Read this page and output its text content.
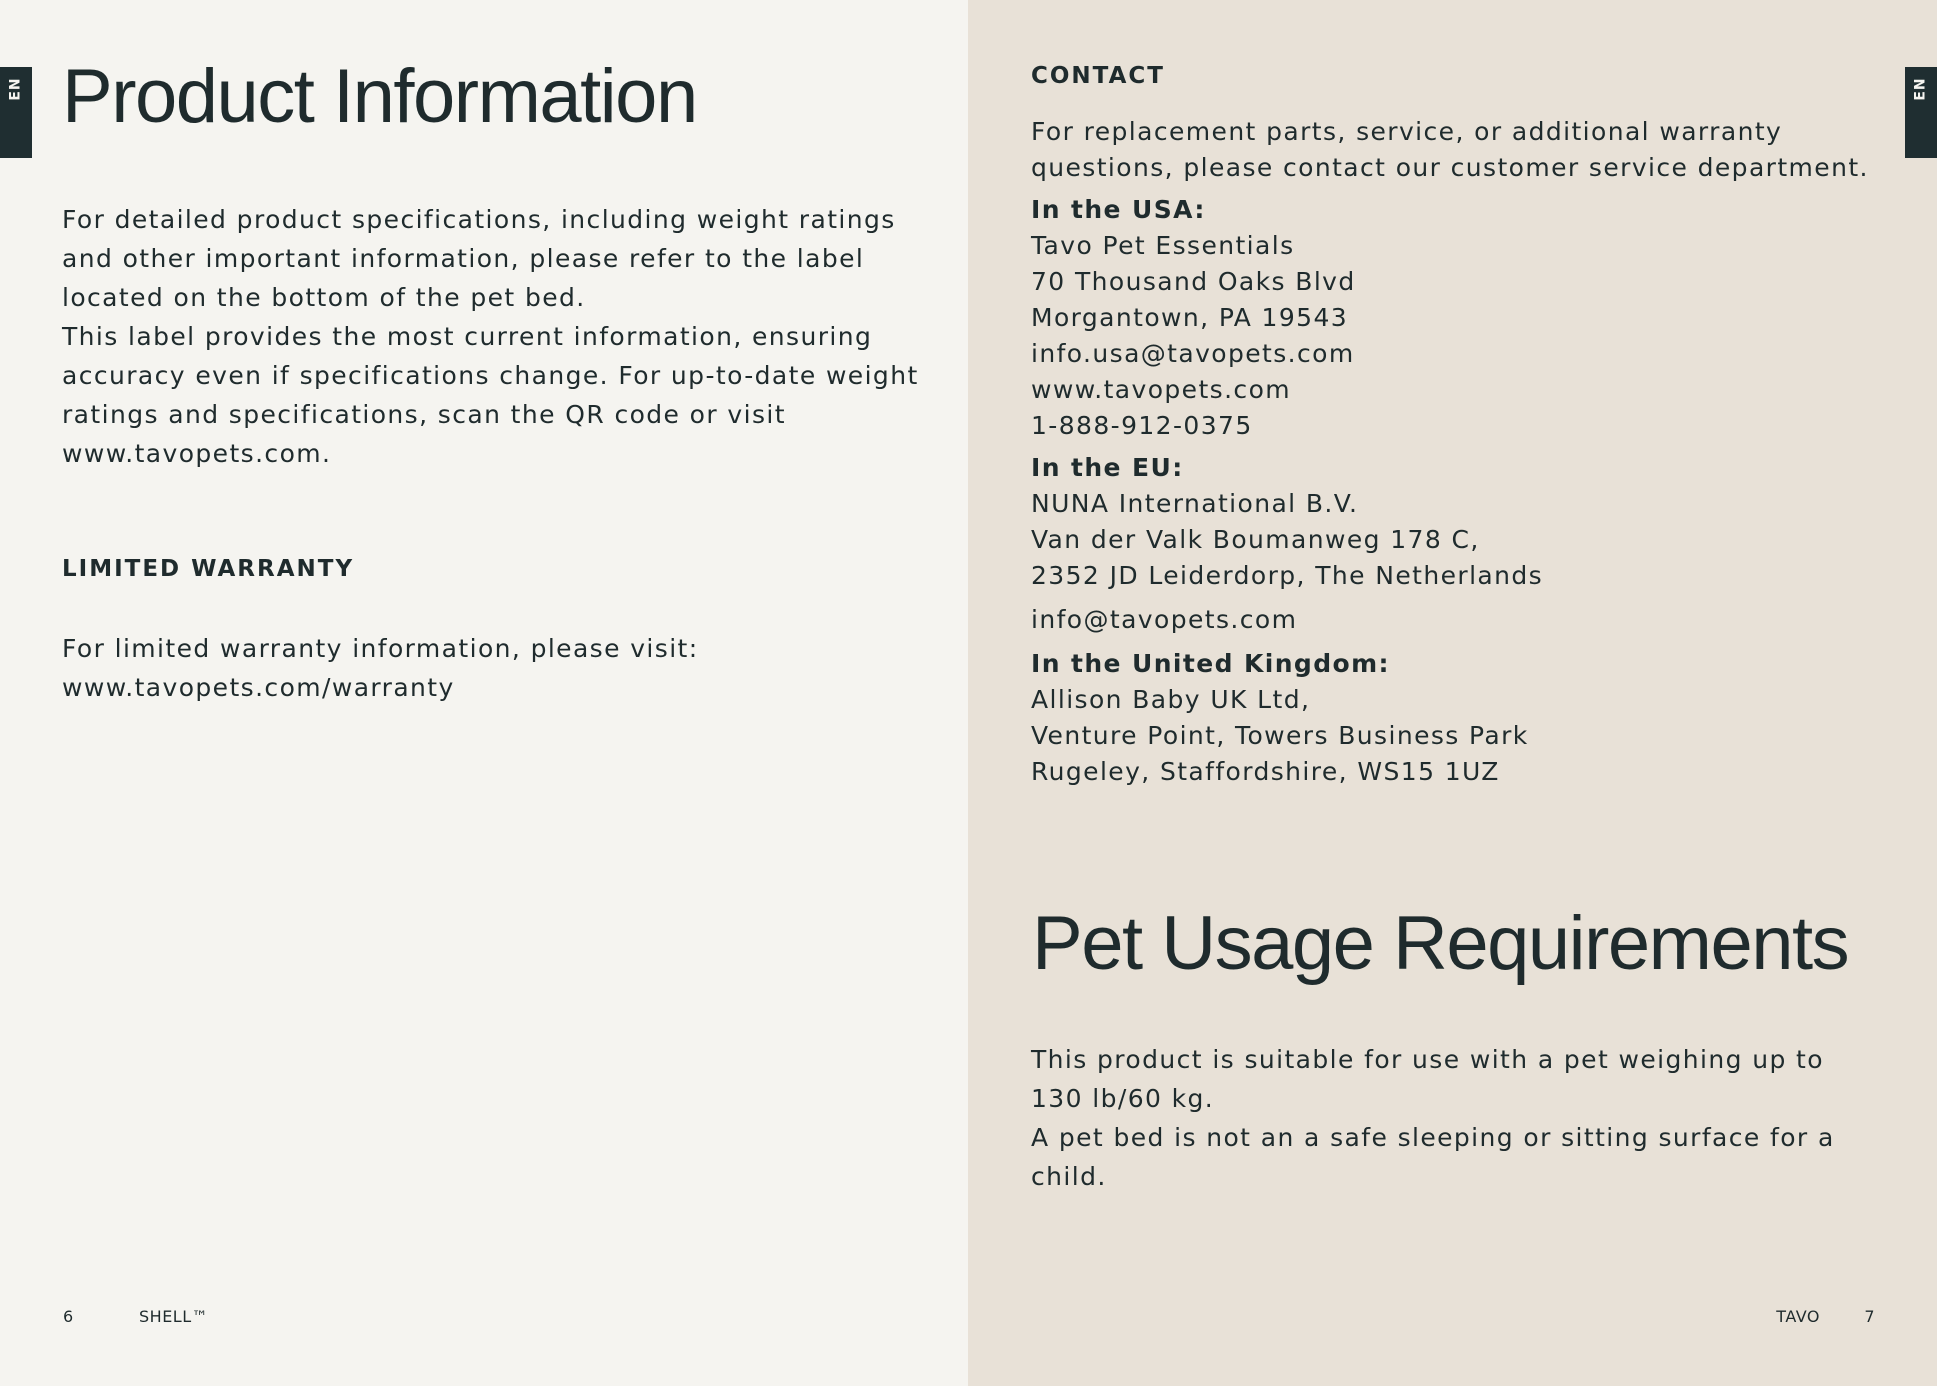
EN Product Information

For detailed product specifications, including weight ratings and other important information, please refer to the label located on the bottom of the pet bed.

This label provides the most current information, ensuring accuracy even if specifications change. For up-to-date weight ratings and specifications, scan the QR code or visit www.tavopets.com.

LIMITED WARRANTY

For limited warranty information, please visit:

www.tavopets.com/warranty

6	SHELL™
EN
TAVO	7
CONTACT

For replacement parts, service, or additional warranty questions, please contact our customer service department.

In the USA:
Tavo Pet Essentials
70 Thousand Oaks Blvd
Morgantown, PA 19543
info.usa@tavopets.com
www.tavopets.com
1-888-912-0375
In the EU:
NUNA International B.V.
Van der Valk Boumanweg 178 C,
2352 JD Leiderdorp, The Netherlands
info@tavopets.com
In the United Kingdom:
Allison Baby UK Ltd,
Venture Point, Towers Business Park
Rugeley, Staffordshire, WS15 1UZ
Pet Usage Requirements

This product is suitable for use with a pet weighing up to 130 lb/60 kg.

A pet bed is not an a safe sleeping or sitting surface for a child.
